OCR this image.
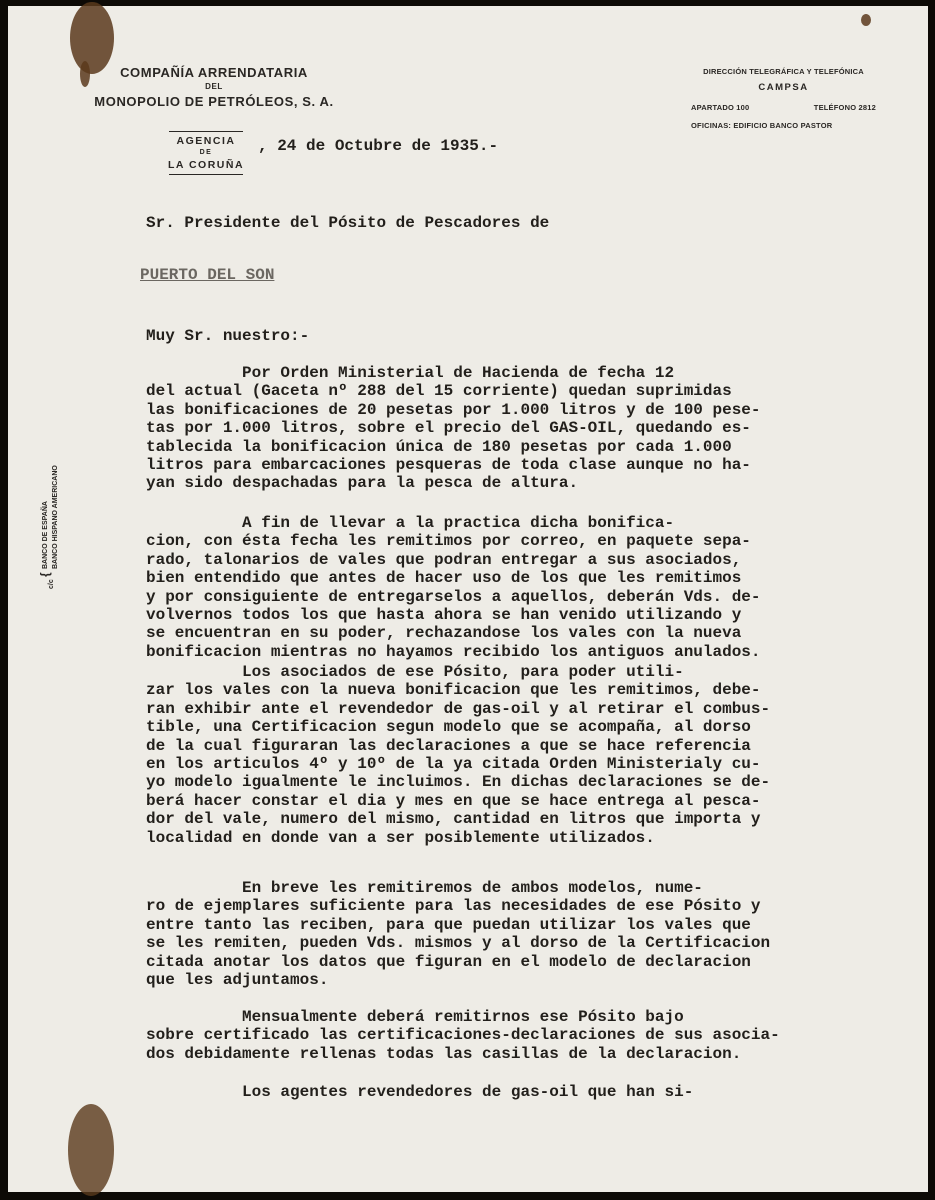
COMPAÑÍA ARRENDATARIA
DEL
MONOPOLIO DE PETRÓLEOS, S. A.
DIRECCIÓN TELEGRÁFICA Y TELEFÓNICA
CAMPSA
APARTADO 100	TELÉFONO 2812
OFICINAS: EDIFICIO BANCO PASTOR
AGENCIA
DE
LA CORUÑA
c/c
{
BANCO DE ESPAÑA BANCO HISPANO AMERICANO
, 24 de Octubre de 1935.-
Sr. Presidente del Pósito de Pescadores de
PUERTO DEL SON
Muy Sr. nuestro:-
Por Orden Ministerial de Hacienda de fecha 12
del actual (Gaceta nº 288 del 15 corriente) quedan suprimidas
las bonificaciones de 20 pesetas por 1.000 litros y de 100 pese-
tas por 1.000 litros, sobre el precio del GAS-OIL, quedando es-
tablecida la bonificacion única de 180 pesetas por cada 1.000
litros para embarcaciones pesqueras de toda clase aunque no ha-
yan sido despachadas para la pesca de altura.
A fin de llevar a la practica dicha bonifica-
cion, con ésta fecha les remitimos por correo, en paquete sepa-
rado, talonarios de vales que podran entregar a sus asociados,
bien entendido que antes de hacer uso de los que les remitimos
y por consiguiente de entregarselos a aquellos, deberán Vds. de-
volvernos todos los que hasta ahora se han venido utilizando y
se encuentran en su poder, rechazandose los vales con la nueva
bonificacion mientras no hayamos recibido los antiguos anulados.
Los asociados de ese Pósito, para poder utili-
zar los vales con la nueva bonificacion que les remitimos, debe-
ran exhibir ante el revendedor de gas-oil y al retirar el combus-
tible, una Certificacion segun modelo que se acompaña, al dorso
de la cual figuraran las declaraciones a que se hace referencia
en los articulos 4º y 10º de la ya citada Orden Ministerialy cu-
yo modelo igualmente le incluimos. En dichas declaraciones se de-
berá hacer constar el dia y mes en que se hace entrega al pesca-
dor del vale, numero del mismo, cantidad en litros que importa y
localidad en donde van a ser posiblemente utilizados.
En breve les remitiremos de ambos modelos, nume-
ro de ejemplares suficiente para las necesidades de ese Pósito y
entre tanto las reciben, para que puedan utilizar los vales que
se les remiten, pueden Vds. mismos y al dorso de la Certificacion
citada anotar los datos que figuran en el modelo de declaracion
que les adjuntamos.
Mensualmente deberá remitirnos ese Pósito bajo
sobre certificado las certificaciones-declaraciones de sus asocia-
dos debidamente rellenas todas las casillas de la declaracion.
Los agentes revendedores de gas-oil que han si-
